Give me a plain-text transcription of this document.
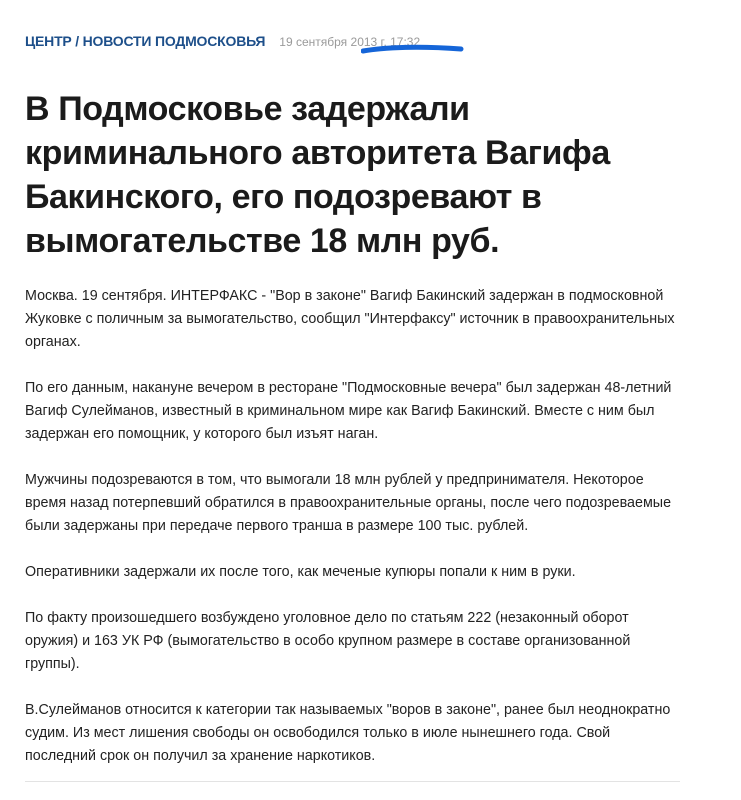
ЦЕНТР / НОВОСТИ ПОДМОСКОВЬЯ 19 сентября 2013 г. 17:32
В Подмосковье задержали криминального авторитета Вагифа Бакинского, его подозревают в вымогательстве 18 млн руб.

Москва. 19 сентября. ИНТЕРФАКС - "Вор в законе" Вагиф Бакинский задержан в подмосковной Жуковке с поличным за вымогательство, сообщил "Интерфаксу" источник в правоохранительных органах.

По его данным, накануне вечером в ресторане "Подмосковные вечера" был задержан 48-летний Вагиф Сулейманов, известный в криминальном мире как Вагиф Бакинский. Вместе с ним был задержан его помощник, у которого был изъят наган.

Мужчины подозреваются в том, что вымогали 18 млн рублей у предпринимателя. Некоторое время назад потерпевший обратился в правоохранительные органы, после чего подозреваемые были задержаны при передаче первого транша в размере 100 тыс. рублей.

Оперативники задержали их после того, как меченые купюры попали к ним в руки.

По факту произошедшего возбуждено уголовное дело по статьям 222 (незаконный оборот оружия) и 163 УК РФ (вымогательство в особо крупном размере в составе организованной группы).

В.Сулейманов относится к категории так называемых "воров в законе", ранее был неоднократно судим. Из мест лишения свободы он освободился только в июле нынешнего года. Свой последний срок он получил за хранение наркотиков.
